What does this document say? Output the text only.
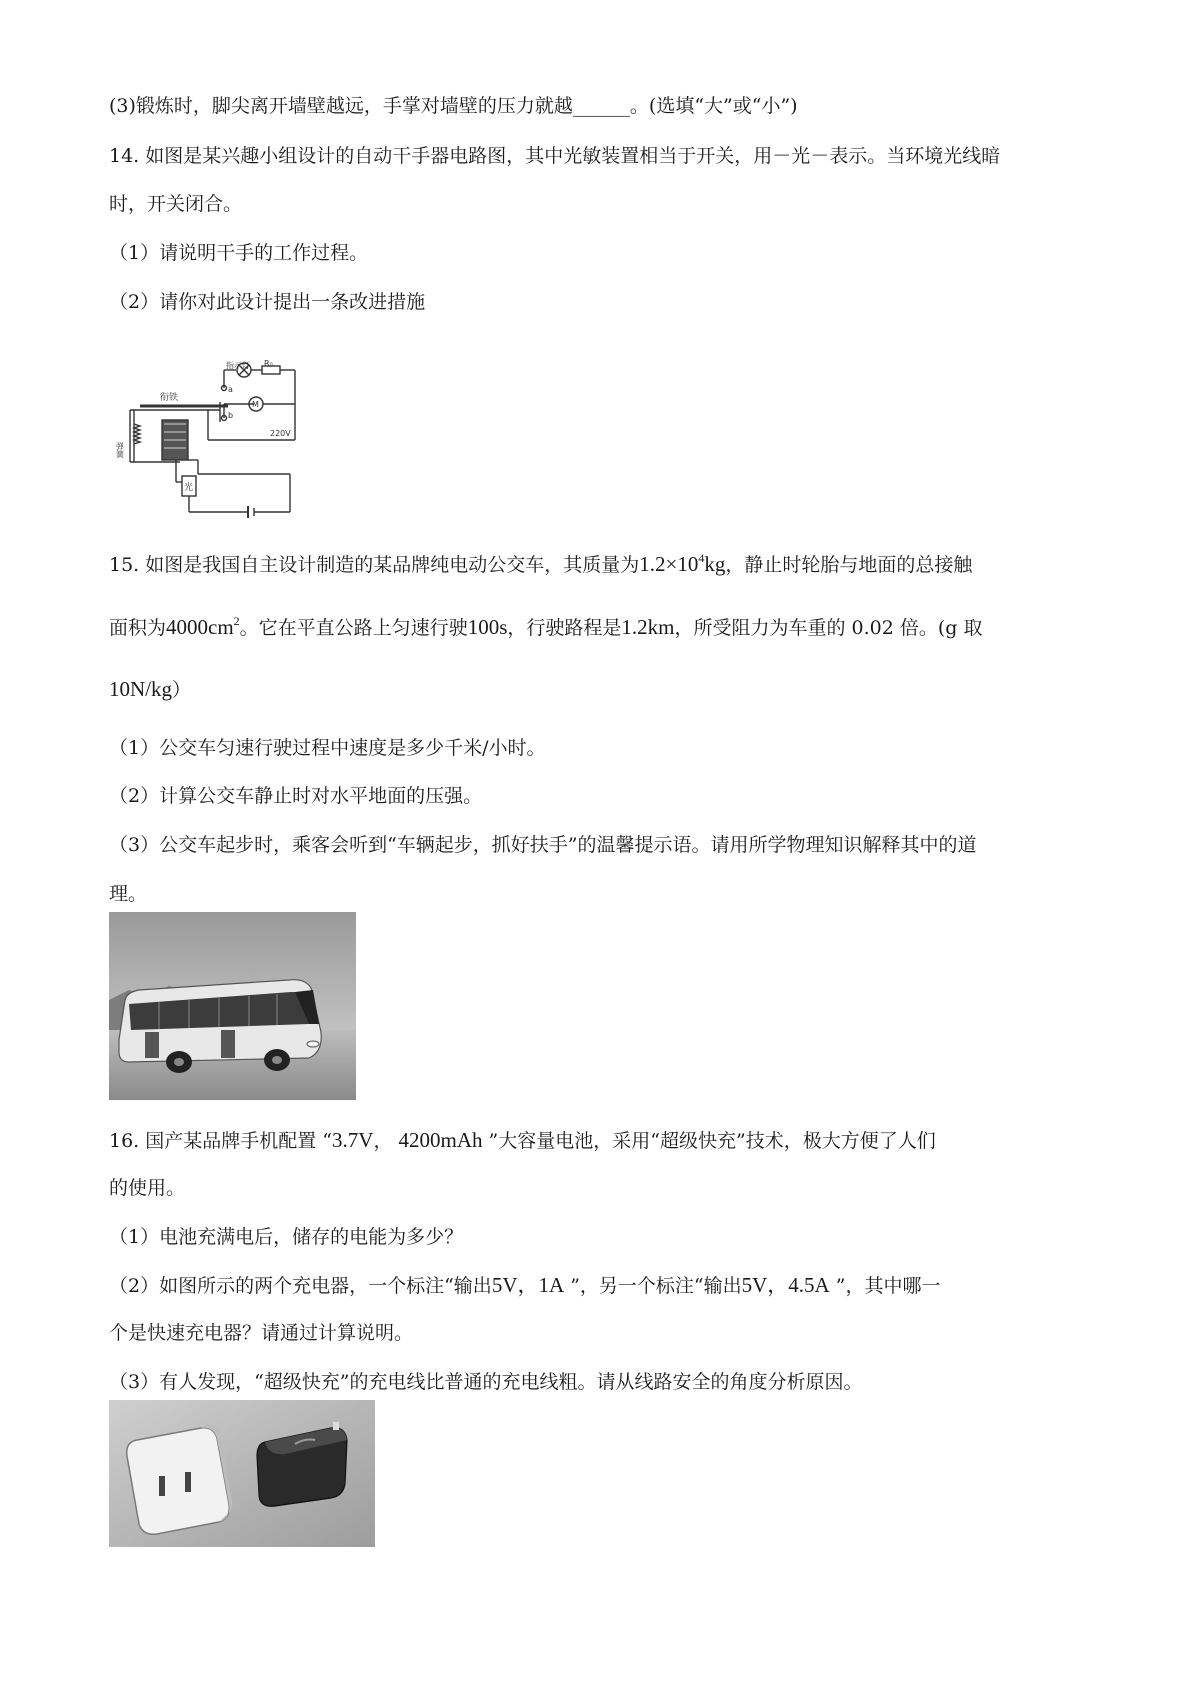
(3)锻炼时，脚尖离开墙壁越远，手掌对墙壁的压力就越______。(选填“大”或“小”)
14. 如图是某兴趣小组设计的自动干手器电路图，其中光敏装置相当于开关，用－光－表示。当环境光线暗
时，开关闭合。
（1）请说明干手的工作过程。
（2）请你对此设计提出一条改进措施
衔铁
弹簧
指示灯 R₀
a
b
M
220V
光
15. 如图是我国自主设计制造的某品牌纯电动公交车，其质量为$1.2\times 10^4kg$，静止时轮胎与地面的总接触
面积为$4000cm^2$。它在平直公路上匀速行驶100s，行驶路程是1.2km，所受阻力为车重的 0.02 倍。(g 取
10N/kg）
（1）公交车匀速行驶过程中速度是多少千米/小时。
（2）计算公交车静止时对水平地面的压强。
（3）公交车起步时，乘客会听到“车辆起步，抓好扶手”的温馨提示语。请用所学物理知识解释其中的道
理。
16. 国产某品牌手机配置 “3.7V， 4200mAh ”大容量电池，采用“超级快充”技术，极大方便了人们
的使用。
（1）电池充满电后，储存的电能为多少？
（2）如图所示的两个充电器，一个标注“输出5V，1A ”，另一个标注“输出5V，4.5A ”，其中哪一
个是快速充电器？请通过计算说明。
（3）有人发现，“超级快充”的充电线比普通的充电线粗。请从线路安全的角度分析原因。
